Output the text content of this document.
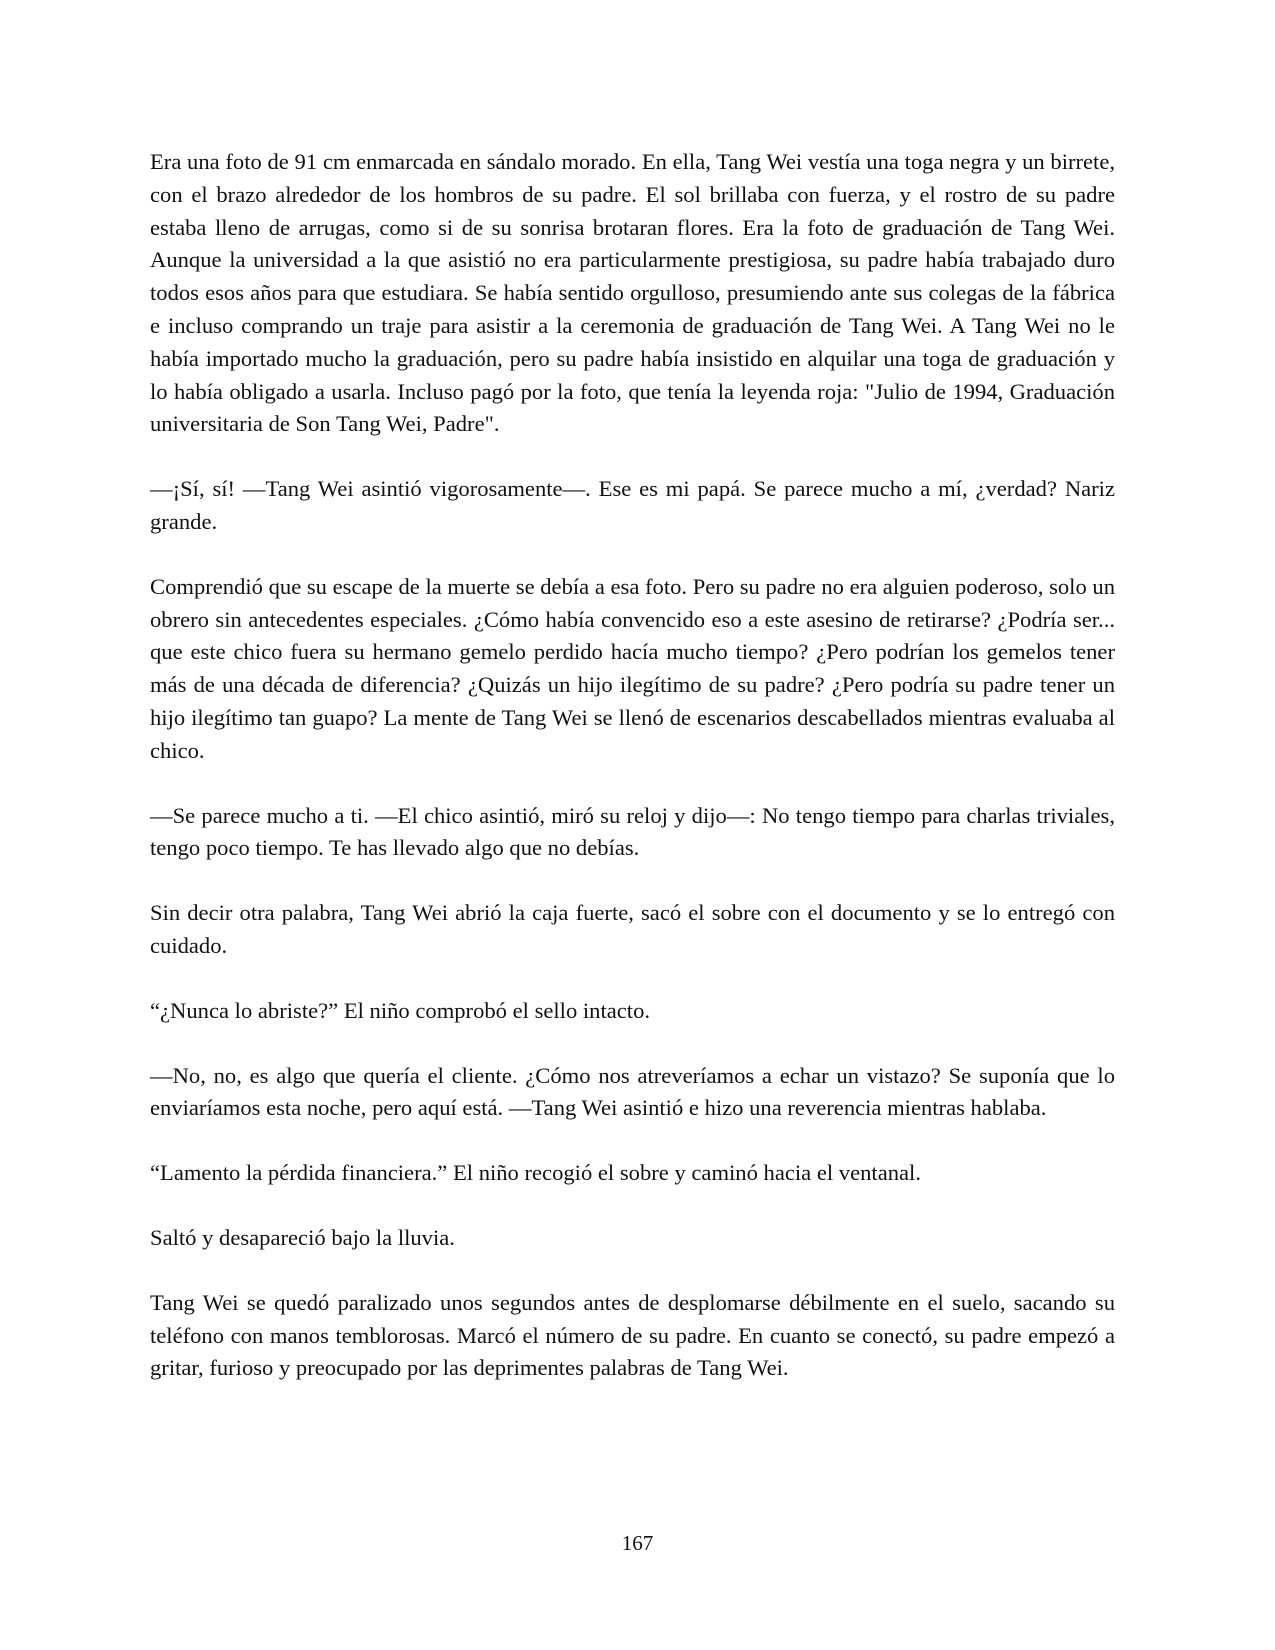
Era una foto de 91 cm enmarcada en sándalo morado. En ella, Tang Wei vestía una toga negra y un birrete, con el brazo alrededor de los hombros de su padre. El sol brillaba con fuerza, y el rostro de su padre estaba lleno de arrugas, como si de su sonrisa brotaran flores. Era la foto de graduación de Tang Wei. Aunque la universidad a la que asistió no era particularmente prestigiosa, su padre había trabajado duro todos esos años para que estudiara. Se había sentido orgulloso, presumiendo ante sus colegas de la fábrica e incluso comprando un traje para asistir a la ceremonia de graduación de Tang Wei. A Tang Wei no le había importado mucho la graduación, pero su padre había insistido en alquilar una toga de graduación y lo había obligado a usarla. Incluso pagó por la foto, que tenía la leyenda roja: "Julio de 1994, Graduación universitaria de Son Tang Wei, Padre".

—¡Sí, sí! —Tang Wei asintió vigorosamente—. Ese es mi papá. Se parece mucho a mí, ¿verdad? Nariz grande.

Comprendió que su escape de la muerte se debía a esa foto. Pero su padre no era alguien poderoso, solo un obrero sin antecedentes especiales. ¿Cómo había convencido eso a este asesino de retirarse? ¿Podría ser... que este chico fuera su hermano gemelo perdido hacía mucho tiempo? ¿Pero podrían los gemelos tener más de una década de diferencia? ¿Quizás un hijo ilegítimo de su padre? ¿Pero podría su padre tener un hijo ilegítimo tan guapo? La mente de Tang Wei se llenó de escenarios descabellados mientras evaluaba al chico.

—Se parece mucho a ti. —El chico asintió, miró su reloj y dijo—: No tengo tiempo para charlas triviales, tengo poco tiempo. Te has llevado algo que no debías.

Sin decir otra palabra, Tang Wei abrió la caja fuerte, sacó el sobre con el documento y se lo entregó con cuidado.

“¿Nunca lo abriste?” El niño comprobó el sello intacto.

—No, no, es algo que quería el cliente. ¿Cómo nos atreveríamos a echar un vistazo? Se suponía que lo enviaríamos esta noche, pero aquí está. —Tang Wei asintió e hizo una reverencia mientras hablaba.

“Lamento la pérdida financiera.” El niño recogió el sobre y caminó hacia el ventanal.

Saltó y desapareció bajo la lluvia.

Tang Wei se quedó paralizado unos segundos antes de desplomarse débilmente en el suelo, sacando su teléfono con manos temblorosas. Marcó el número de su padre. En cuanto se conectó, su padre empezó a gritar, furioso y preocupado por las deprimentes palabras de Tang Wei.

167
